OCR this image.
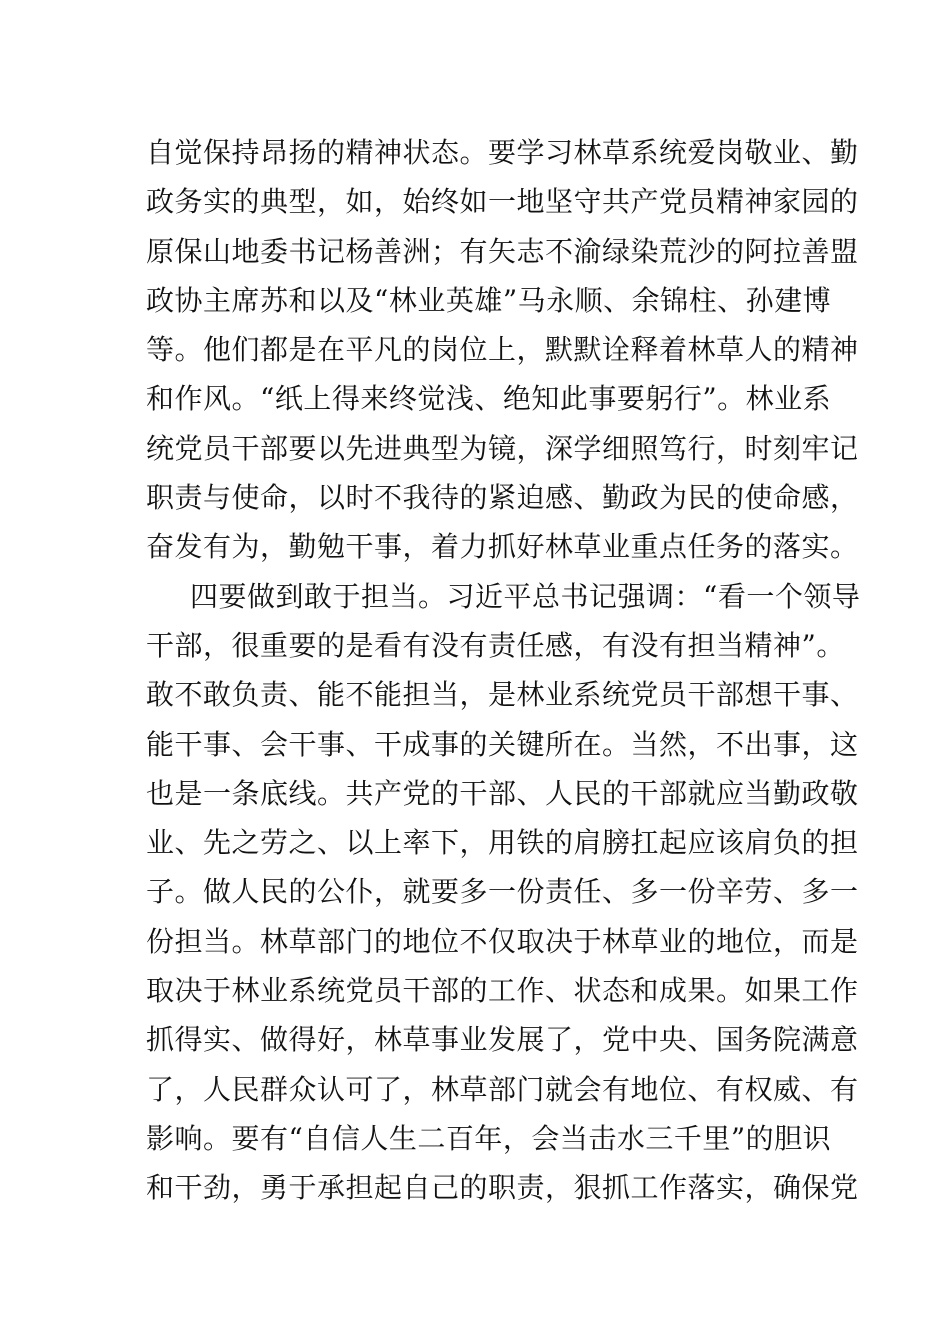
自觉保持昂扬的精神状态。要学习林草系统爱岗敬业、勤
政务实的典型，如，始终如一地坚守共产党员精神家园的
原保山地委书记杨善洲；有矢志不渝绿染荒沙的阿拉善盟
政协主席苏和以及“林业英雄”马永顺、余锦柱、孙建博
等。他们都是在平凡的岗位上，默默诠释着林草人的精神
和作风。“纸上得来终觉浅、绝知此事要躬行”。林业系
统党员干部要以先进典型为镜，深学细照笃行，时刻牢记
职责与使命，以时不我待的紧迫感、勤政为民的使命感，
奋发有为，勤勉干事，着力抓好林草业重点任务的落实。
四要做到敢于担当。习近平总书记强调：“看一个领导
干部，很重要的是看有没有责任感，有没有担当精神”。
敢不敢负责、能不能担当，是林业系统党员干部想干事、
能干事、会干事、干成事的关键所在。当然，不出事，这
也是一条底线。共产党的干部、人民的干部就应当勤政敬
业、先之劳之、以上率下，用铁的肩膀扛起应该肩负的担
子。做人民的公仆，就要多一份责任、多一份辛劳、多一
份担当。林草部门的地位不仅取决于林草业的地位，而是
取决于林业系统党员干部的工作、状态和成果。如果工作
抓得实、做得好，林草事业发展了，党中央、国务院满意
了，人民群众认可了，林草部门就会有地位、有权威、有
影响。要有“自信人生二百年，会当击水三千里”的胆识
和干劲，勇于承担起自己的职责，狠抓工作落实，确保党
